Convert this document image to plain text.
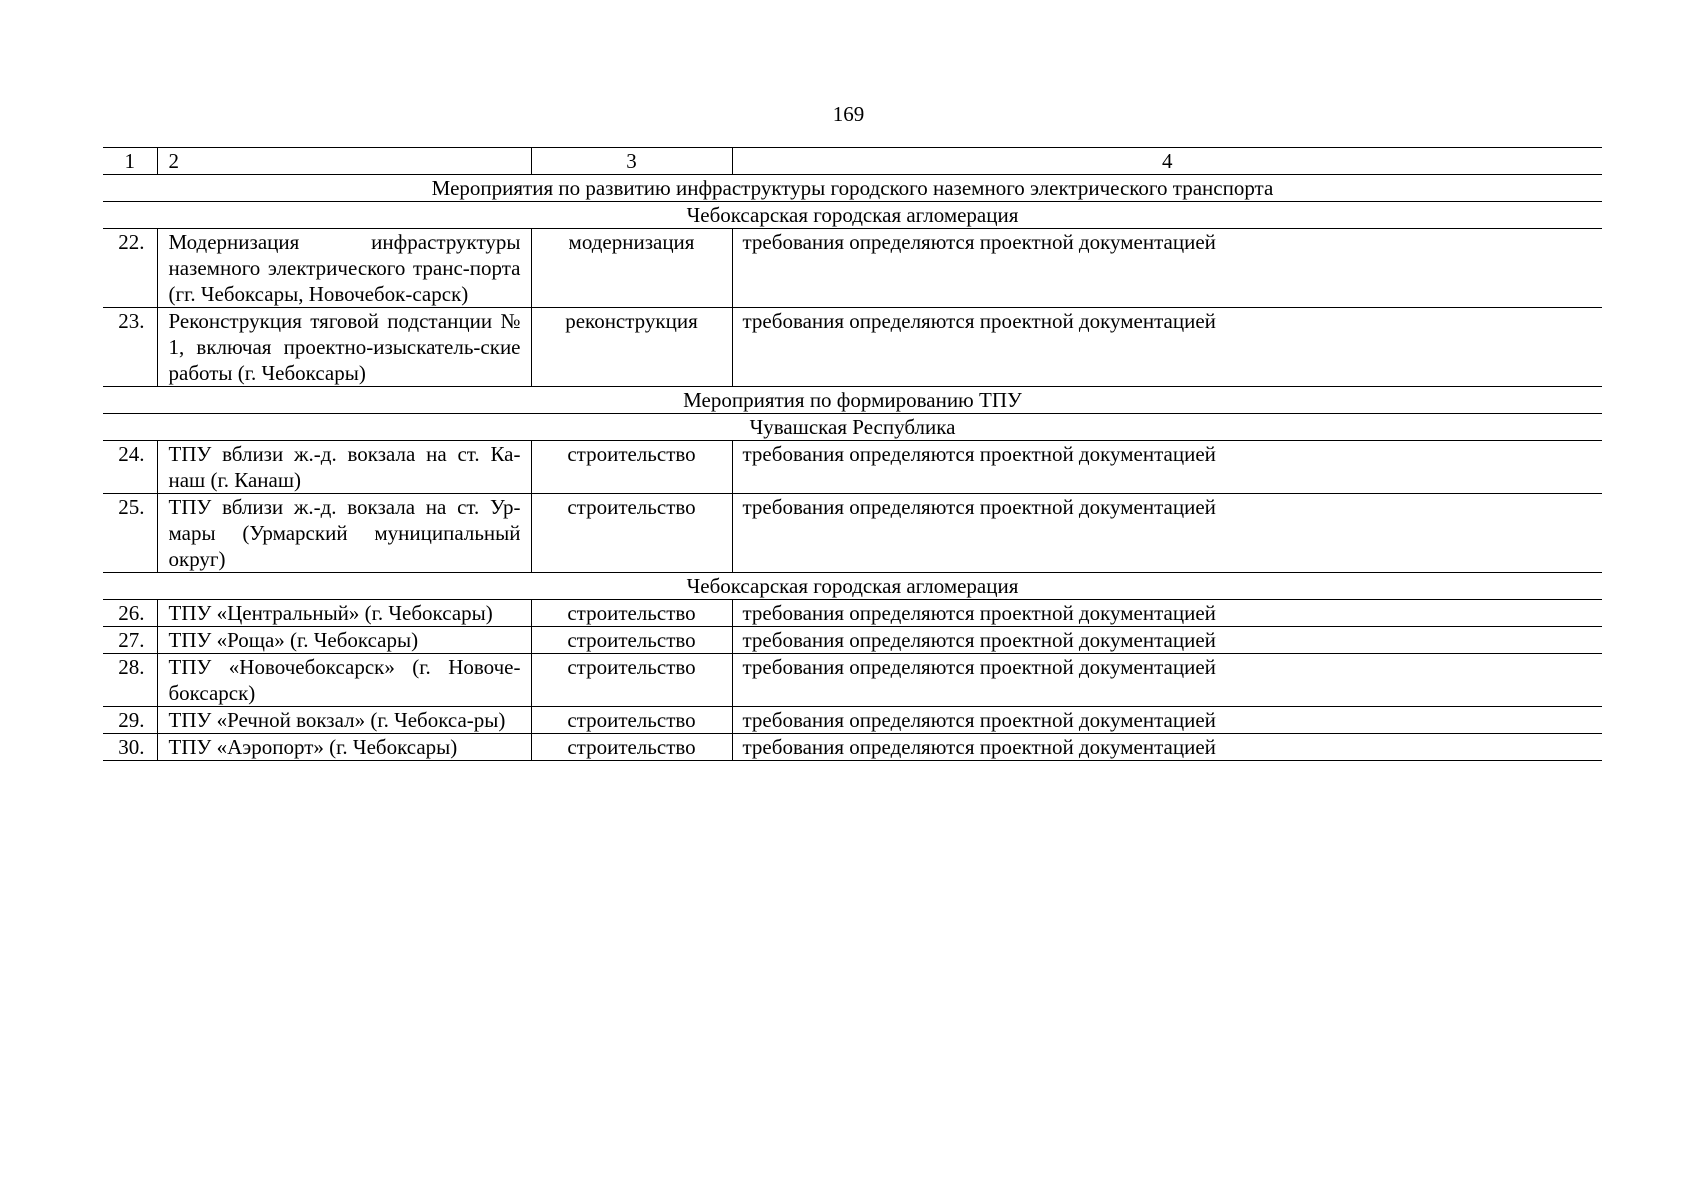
169
1	2	3	4
Мероприятия по развитию инфраструктуры городского наземного электрического транспорта			
Чебоксарская городская агломерация			
22.	Модернизация инфраструктуры наземного электрического транс-порта (гг. Чебоксары, Новочебок-сарск)	модернизация	требования определяются проектной документацией
23.	Реконструкция тяговой подстанции № 1, включая проектно-изыскатель-ские работы (г. Чебоксары)	реконструкция	требования определяются проектной документацией
Мероприятия по формированию ТПУ			
Чувашская Республика			
24.	ТПУ вблизи ж.-д. вокзала на ст. Ка-наш (г. Канаш)	строительство	требования определяются проектной документацией
25.	ТПУ вблизи ж.-д. вокзала на ст. Ур-мары (Урмарский муниципальный округ)	строительство	требования определяются проектной документацией
Чебоксарская городская агломерация			
26.	ТПУ «Центральный» (г. Чебоксары)	строительство	требования определяются проектной документацией
27.	ТПУ «Роща» (г. Чебоксары)	строительство	требования определяются проектной документацией
28.	ТПУ «Новочебоксарск» (г. Новоче-боксарск)	строительство	требования определяются проектной документацией
29.	ТПУ «Речной вокзал» (г. Чебокса-ры)	строительство	требования определяются проектной документацией
30.	ТПУ «Аэропорт» (г. Чебоксары)	строительство	требования определяются проектной документацией
